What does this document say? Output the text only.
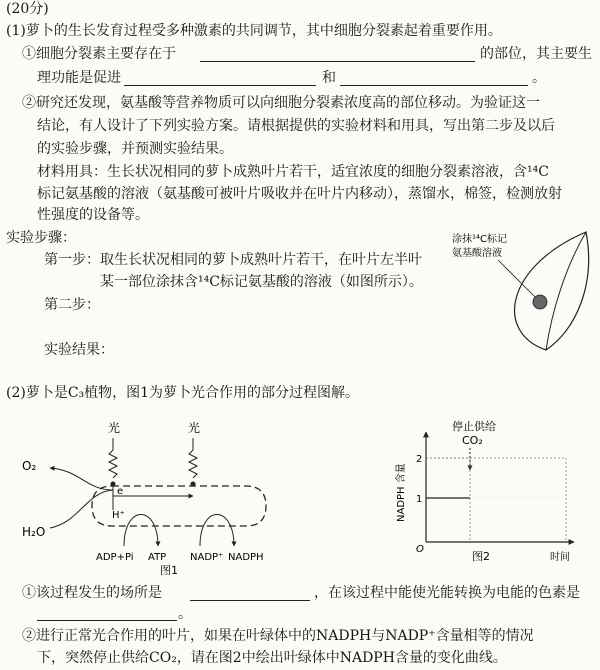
(20分)
(1)萝卜的生长发育过程受多种激素的共同调节，其中细胞分裂素起着重要作用。
①细胞分裂素主要存在于	的部位，其主要生
理功能是促进	和	。
②研究还发现，氨基酸等营养物质可以向细胞分裂素浓度高的部位移动。为验证这一
结论，有人设计了下列实验方案。请根据提供的实验材料和用具，写出第二步及以后
的实验步骤，并预测实验结果。
材料用具：生长状况相同的萝卜成熟叶片若干，适宜浓度的细胞分裂素溶液，含¹⁴C
标记氨基酸的溶液（氨基酸可被叶片吸收并在叶片内移动），蒸馏水，棉签，检测放射
性强度的设备等。
实验步骤：
第一步：取生长状况相同的萝卜成熟叶片若干，在叶片左半叶
某一部位涂抹含¹⁴C标记氨基酸的溶液（如图所示）。
第二步：
实验结果：
涂抹¹⁴C标记
氨基酸溶液
(2)萝卜是C₃植物，图1为萝卜光合作用的部分过程图解。
光	光
O₂
H₂O
e
H⁺
ADP+Pi ATP NADP⁺ NADPH
图1
停止供给
CO₂
NADPH 含量
时间
O
1
2
图2
①该过程发生的场所是	，在该过程中能使光能转换为电能的色素是
。
②进行正常光合作用的叶片，如果在叶绿体中的NADPH与NADP⁺含量相等的情况
下，突然停止供给CO₂，请在图2中绘出叶绿体中NADPH含量的变化曲线。
